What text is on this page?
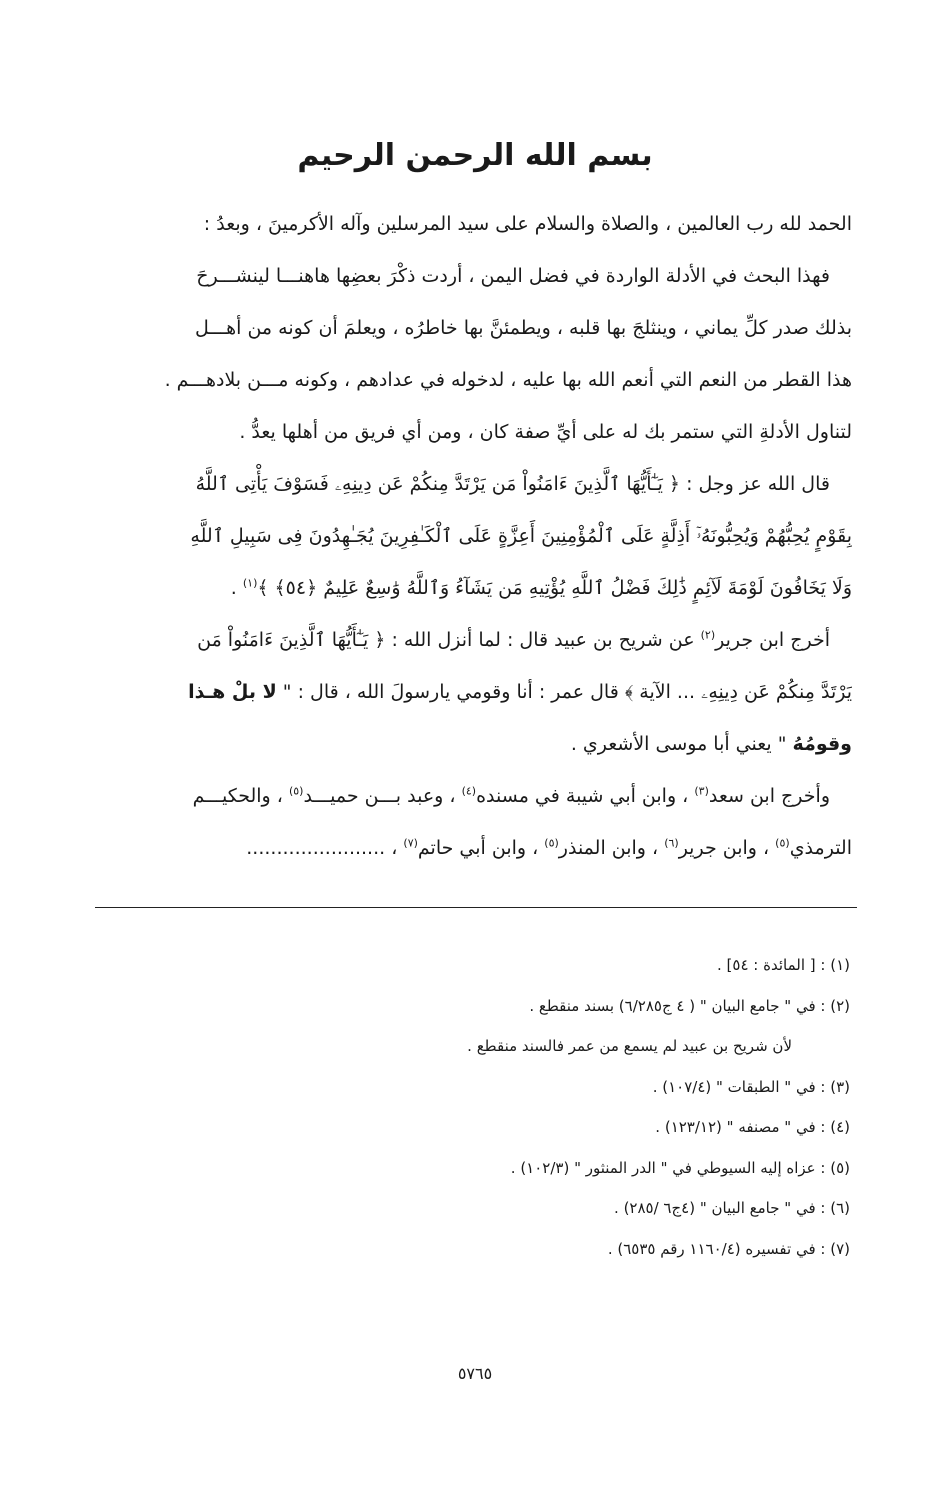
بسم الله الرحمن الرحيم
الحمد لله رب العالمين ، والصلاة والسلام على سيد المرسلين وآله الأكرمينَ ، وبعدُ :
فهذا البحث في الأدلة الواردة في فضل اليمن ، أردت ذكْرَ بعضِها هاهنـــا لينشـــرحَ
بذلك صدر كلِّ يماني ، وينثلجَ بها قلبه ، ويطمئنَّ بها خاطرُه ، ويعلمَ أن كونه من أهـــل
هذا القطر من النعم التي أنعم الله بها عليه ، لدخوله في عدادهم ، وكونه مـــن بلادهـــم .
لتناول الأدلةِ التي ستمر بك له على أيِّ صفة كان ، ومن أي فريق من أهلها يعدُّ .
قال الله عز وجل : ﴿ يَـٰٓأَيُّهَا ٱلَّذِينَ ءَامَنُواْ مَن يَرْتَدَّ مِنكُمْ عَن دِينِهِۦ فَسَوْفَ يَأْتِى ٱللَّهُ
بِقَوْمٍ يُحِبُّهُمْ وَيُحِبُّونَهُۥٓ أَذِلَّةٍ عَلَى ٱلْمُؤْمِنِينَ أَعِزَّةٍ عَلَى ٱلْكَـٰفِرِينَ يُجَـٰهِدُونَ فِى سَبِيلِ ٱللَّهِ
وَلَا يَخَافُونَ لَوْمَةَ لَآئِمٍ ذَٰلِكَ فَضْلُ ٱللَّهِ يُؤْتِيهِ مَن يَشَآءُ وَٱللَّهُ وَٰسِعٌ عَلِيمٌ ﴿٥٤﴾ ﴾$^{(١)}$ .
أخرج ابن جرير$^{(٢)}$ عن شريح بن عبيد قال : لما أنزل الله : ﴿ يَـٰٓأَيُّهَا ٱلَّذِينَ ءَامَنُواْ مَن
يَرْتَدَّ مِنكُمْ عَن دِينِهِۦ ... الآية ﴾ قال عمر : أنا وقومي يارسولَ الله ، قال : " لا بلْ هـذا
وقومُهُ " يعني أبا موسى الأشعري .
وأخرج ابن سعد$^{(٣)}$ ، وابن أبي شيبة في مسنده$^{(٤)}$ ، وعبد بـــن حميـــد$^{(٥)}$ ، والحكيـــم
الترمذي$^{(٥)}$ ، وابن جرير$^{(٦)}$ ، وابن المنذر$^{(٥)}$ ، وابن أبي حاتم$^{(٧)}$ ، .......................
(١) : [ المائدة : ٥٤] .
(٢) : في " جامع البيان " ( ٤ ج٦/٢٨٥) بسند منقطع .
لأن شريح بن عبيد لم يسمع من عمر فالسند منقطع .
(٣) : في " الطبقات " (١٠٧/٤) .
(٤) : في " مصنفه " (١٢٣/١٢) .
(٥) : عزاه إليه السيوطي في " الدر المنثور " (١٠٢/٣) .
(٦) : في " جامع البيان " (٤ج٦ /٢٨٥) .
(٧) : في تفسيره (١١٦٠/٤ رقم ٦٥٣٥) .
٥٧٦٥
